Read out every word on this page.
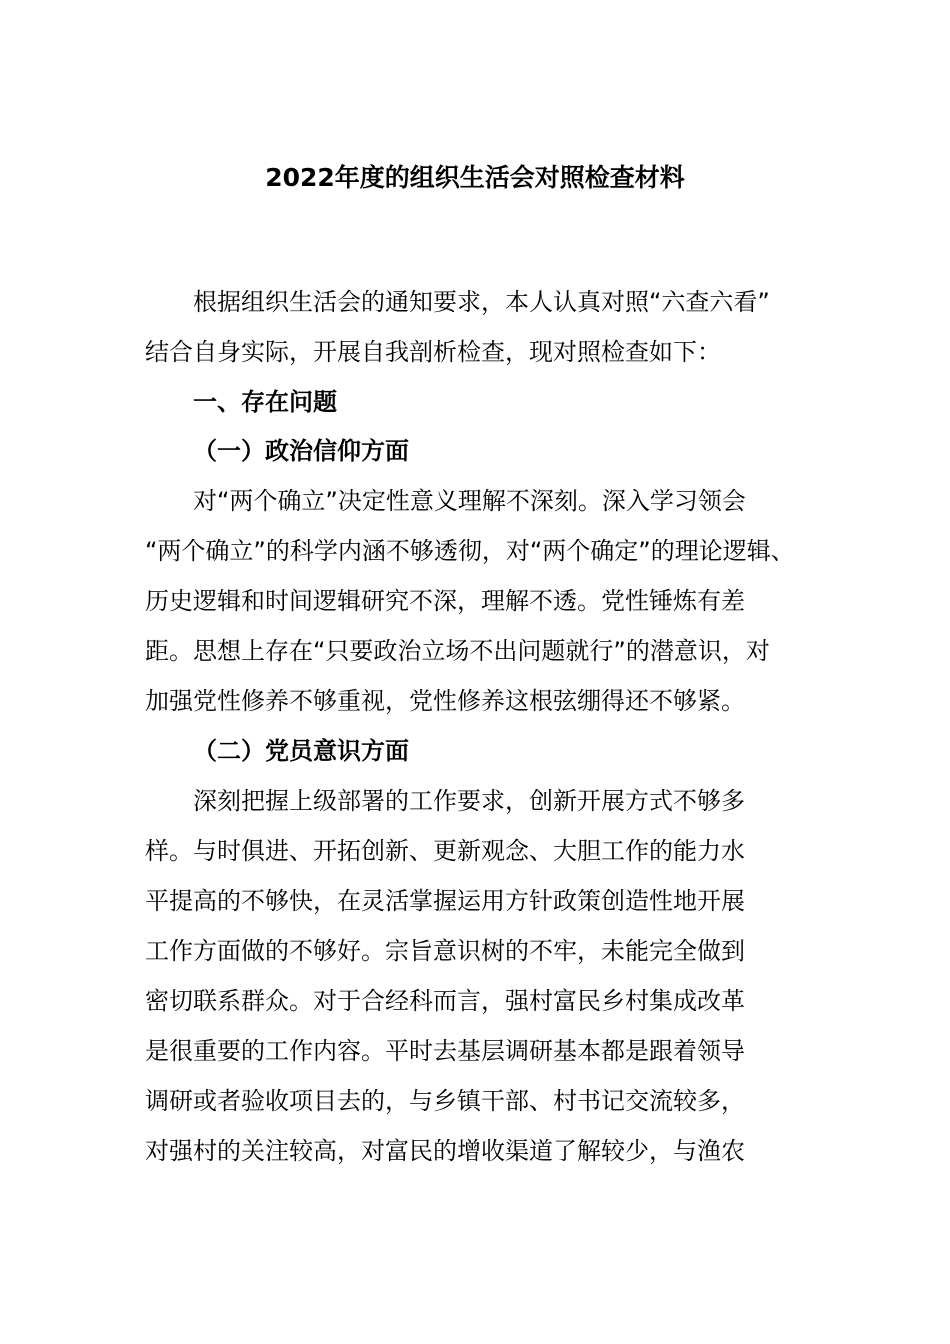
2022年度的组织生活会对照检查材料
根据组织生活会的通知要求，本人认真对照“六查六看”
结合自身实际，开展自我剖析检查，现对照检查如下：
一、存在问题
（一）政治信仰方面
对“两个确立”决定性意义理解不深刻。深入学习领会
“两个确立”的科学内涵不够透彻，对“两个确定”的理论逻辑、
历史逻辑和时间逻辑研究不深，理解不透。党性锤炼有差
距。思想上存在“只要政治立场不出问题就行”的潜意识，对
加强党性修养不够重视，党性修养这根弦绷得还不够紧。
（二）党员意识方面
深刻把握上级部署的工作要求，创新开展方式不够多
样。与时俱进、开拓创新、更新观念、大胆工作的能力水
平提高的不够快，在灵活掌握运用方针政策创造性地开展
工作方面做的不够好。宗旨意识树的不牢，未能完全做到
密切联系群众。对于合经科而言，强村富民乡村集成改革
是很重要的工作内容。平时去基层调研基本都是跟着领导
调研或者验收项目去的，与乡镇干部、村书记交流较多，
对强村的关注较高，对富民的增收渠道了解较少，与渔农
